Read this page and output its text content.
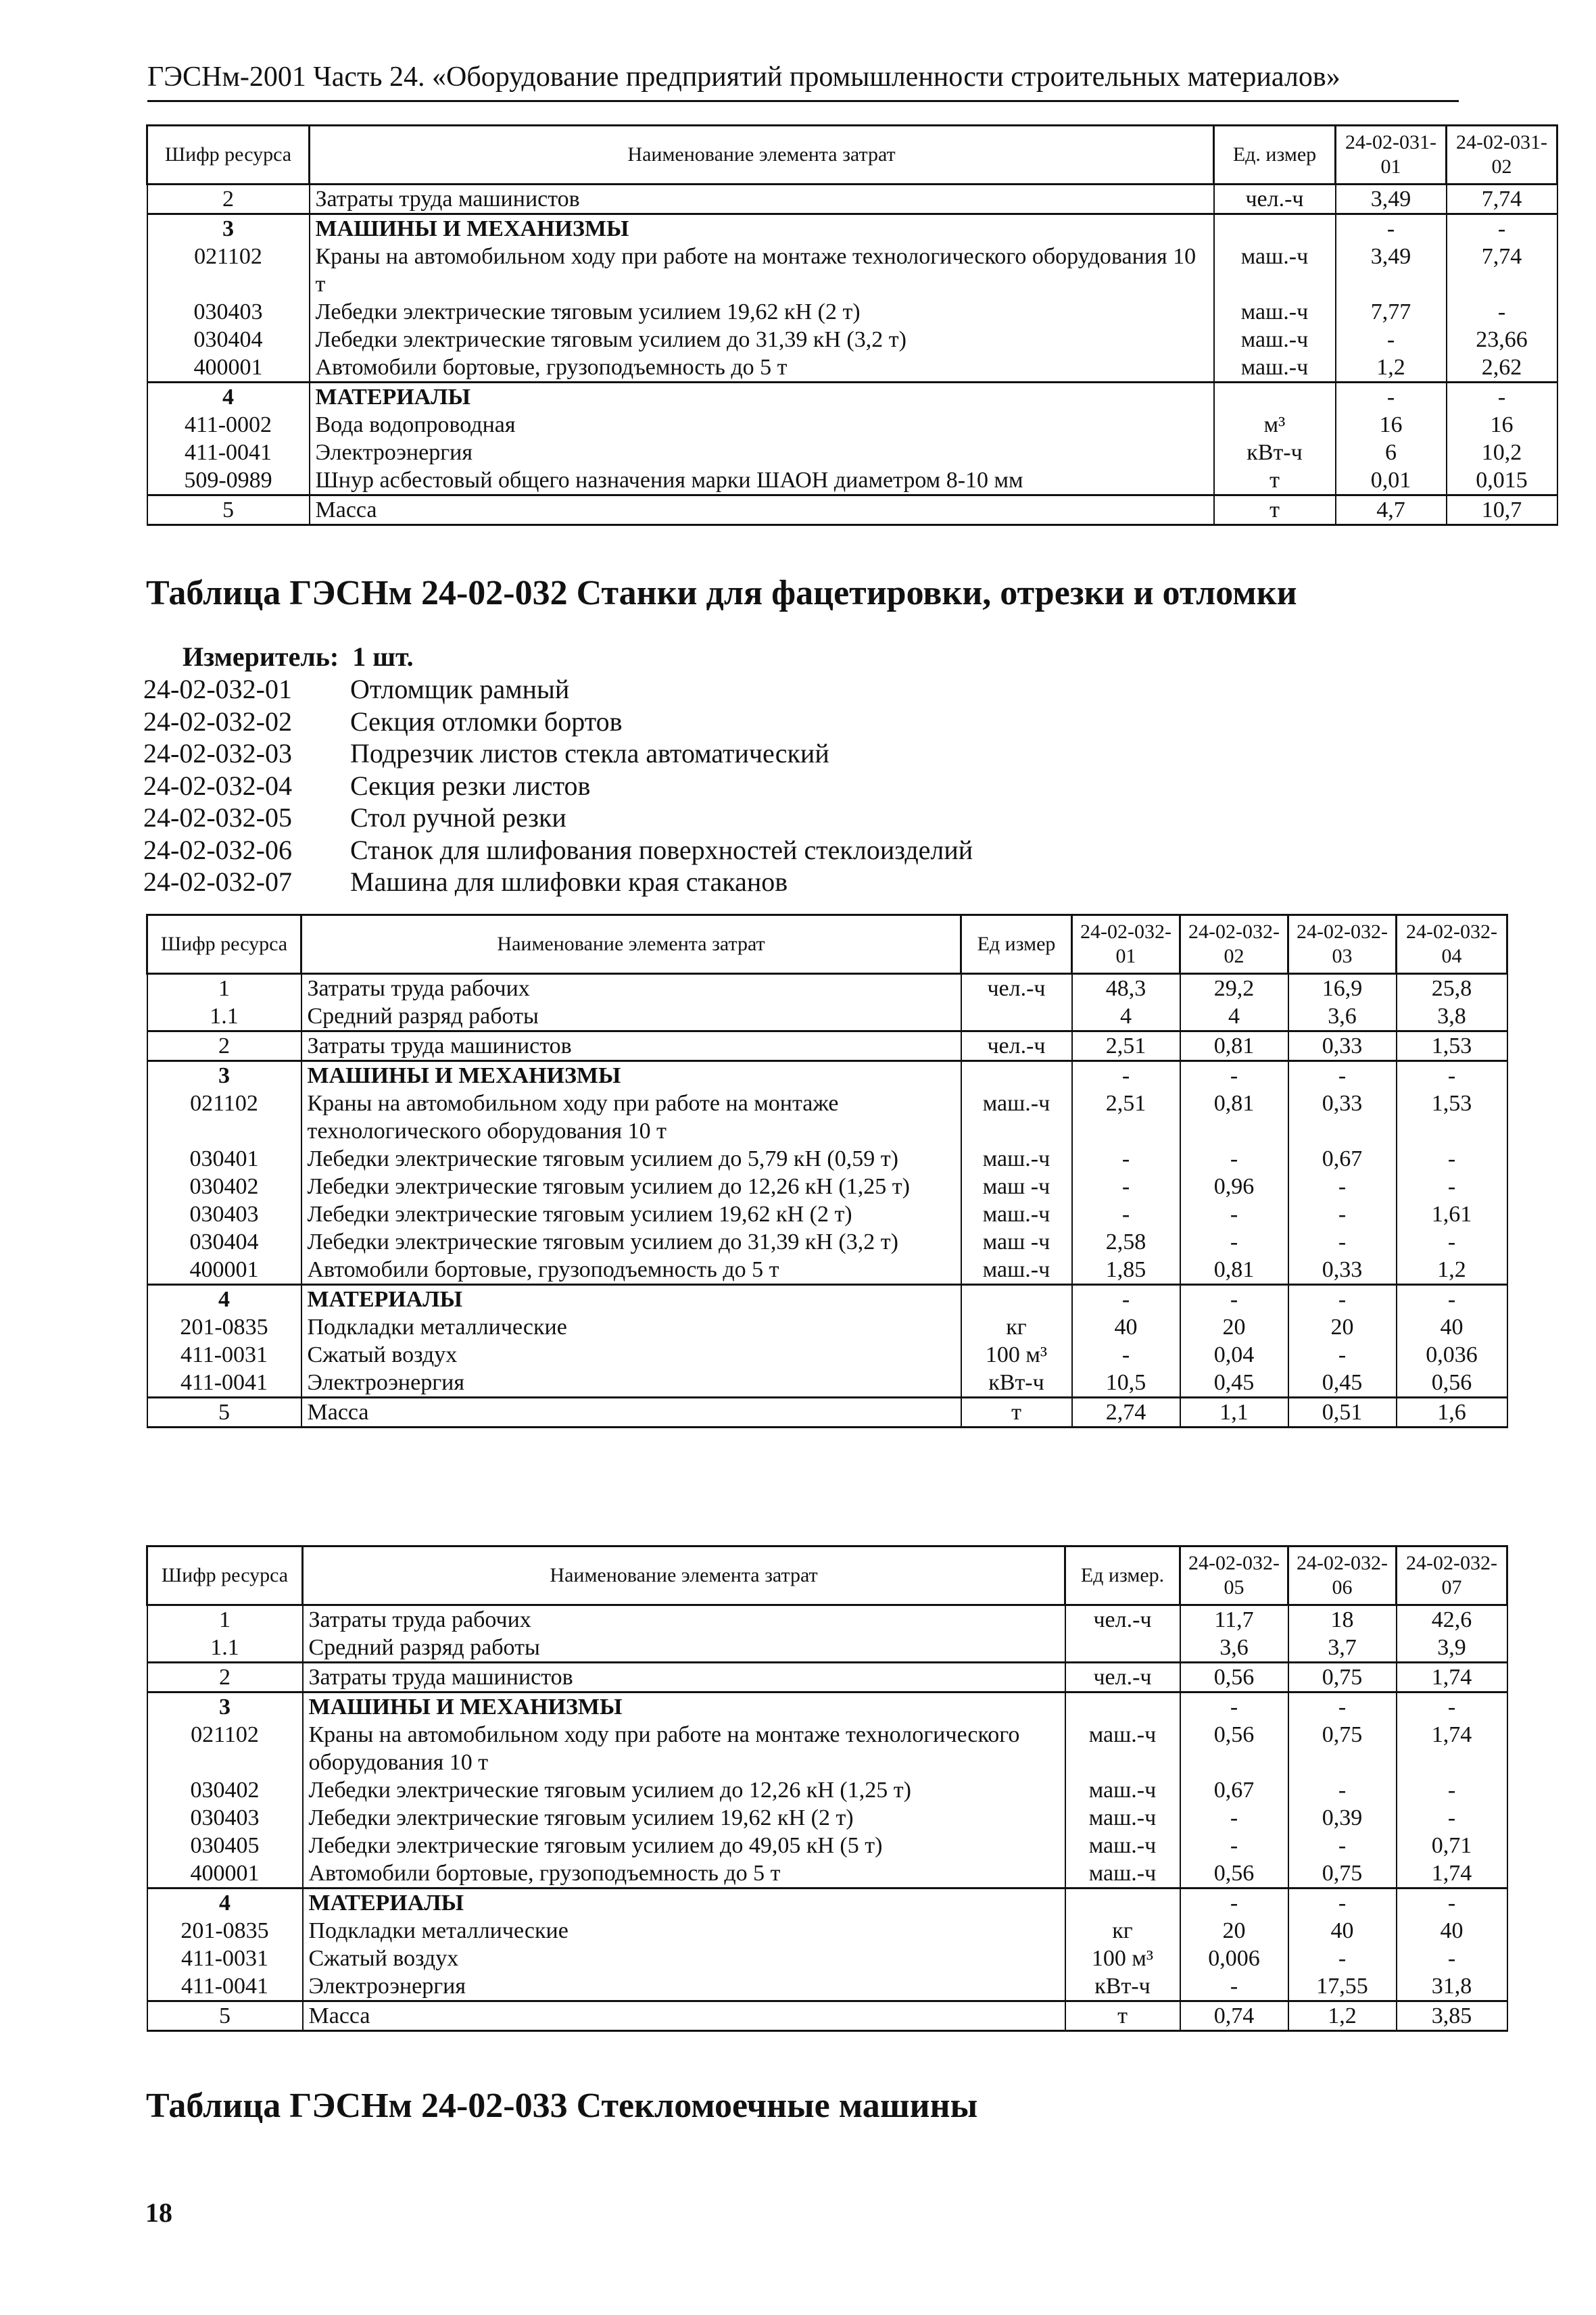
ГЭСНм-2001 Часть 24. «Оборудование предприятий промышленности строительных материалов»
Шифр ресурса	Наименование элемента затрат	Ед. измер	24-02-031-01	24-02-031-02
2	Затраты труда машинистов	чел.-ч	3,49	7,74
3	МАШИНЫ И МЕХАНИЗМЫ		-	-
021102	Краны на автомобильном ходу при работе на монтаже технологического оборудования 10 т	маш.-ч	3,49	7,74
030403	Лебедки электрические тяговым усилием 19,62 кН (2 т)	маш.-ч	7,77	-
030404	Лебедки электрические тяговым усилием до 31,39 кН (3,2 т)	маш.-ч	-	23,66
400001	Автомобили бортовые, грузоподъемность до 5 т	маш.-ч	1,2	2,62
4	МАТЕРИАЛЫ		-	-
411-0002	Вода водопроводная	м³	16	16
411-0041	Электроэнергия	кВт-ч	6	10,2
509-0989	Шнур асбестовый общего назначения марки ШАОН диаметром 8-10 мм	т	0,01	0,015
5	Масса	т	4,7	10,7
Таблица ГЭСНм 24-02-032 Станки для фацетировки, отрезки и отломки
Измеритель: 1 шт.
24-02-032-01 Отломщик рамный
24-02-032-02 Секция отломки бортов
24-02-032-03 Подрезчик листов стекла автоматический
24-02-032-04 Секция резки листов
24-02-032-05 Стол ручной резки
24-02-032-06 Станок для шлифования поверхностей стеклоизделий
24-02-032-07 Машина для шлифовки края стаканов
Шифр ресурса	Наименование элемента затрат	Ед измер	24-02-032-01	24-02-032-02	24-02-032-03	24-02-032-04
1	Затраты труда рабочих	чел.-ч	48,3	29,2	16,9	25,8
1.1	Средний разряд работы		4	4	3,6	3,8
2	Затраты труда машинистов	чел.-ч	2,51	0,81	0,33	1,53
3	МАШИНЫ И МЕХАНИЗМЫ		-	-	-	-
021102	Краны на автомобильном ходу при работе на монтаже технологического оборудования 10 т	маш.-ч	2,51	0,81	0,33	1,53
030401	Лебедки электрические тяговым усилием до 5,79 кН (0,59 т)	маш.-ч	-	-	0,67	-
030402	Лебедки электрические тяговым усилием до 12,26 кН (1,25 т)	маш -ч	-	0,96	-	-
030403	Лебедки электрические тяговым усилием 19,62 кН (2 т)	маш.-ч	-	-	-	1,61
030404	Лебедки электрические тяговым усилием до 31,39 кН (3,2 т)	маш -ч	2,58	-	-	-
400001	Автомобили бортовые, грузоподъемность до 5 т	маш.-ч	1,85	0,81	0,33	1,2
4	МАТЕРИАЛЫ		-	-	-	-
201-0835	Подкладки металлические	кг	40	20	20	40
411-0031	Сжатый воздух	100 м³	-	0,04	-	0,036
411-0041	Электроэнергия	кВт-ч	10,5	0,45	0,45	0,56
5	Масса	т	2,74	1,1	0,51	1,6
Шифр ресурса	Наименование элемента затрат	Ед измер.	24-02-032-05	24-02-032-06	24-02-032-07
1	Затраты труда рабочих	чел.-ч	11,7	18	42,6
1.1	Средний разряд работы		3,6	3,7	3,9
2	Затраты труда машинистов	чел.-ч	0,56	0,75	1,74
3	МАШИНЫ И МЕХАНИЗМЫ		-	-	-
021102	Краны на автомобильном ходу при работе на монтаже технологического оборудования 10 т	маш.-ч	0,56	0,75	1,74
030402	Лебедки электрические тяговым усилием до 12,26 кН (1,25 т)	маш.-ч	0,67	-	-
030403	Лебедки электрические тяговым усилием 19,62 кН (2 т)	маш.-ч	-	0,39	-
030405	Лебедки электрические тяговым усилием до 49,05 кН (5 т)	маш.-ч	-	-	0,71
400001	Автомобили бортовые, грузоподъемность до 5 т	маш.-ч	0,56	0,75	1,74
4	МАТЕРИАЛЫ		-	-	-
201-0835	Подкладки металлические	кг	20	40	40
411-0031	Сжатый воздух	100 м³	0,006	-	-
411-0041	Электроэнергия	кВт-ч	-	17,55	31,8
5	Масса	т	0,74	1,2	3,85
Таблица ГЭСНм 24-02-033 Стекломоечные машины
18
